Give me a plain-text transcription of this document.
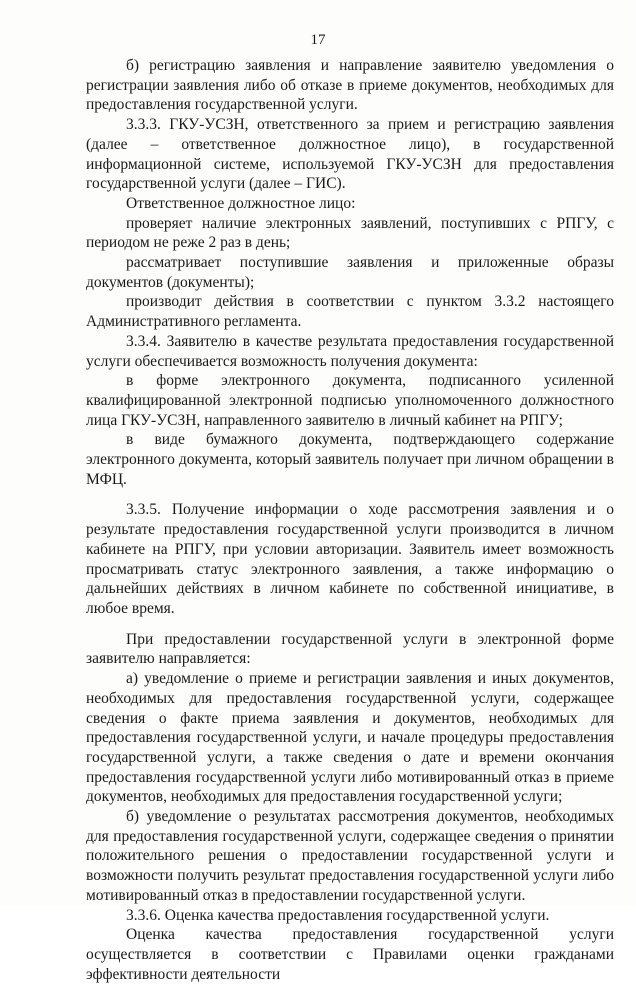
17

б) регистрацию заявления и направление заявителю уведомления о регистрации заявления либо об отказе в приеме документов, необходимых для предоставления государственной услуги.

3.3.3. ГКУ-УСЗН, ответственного за прием и регистрацию заявления (далее – ответственное должностное лицо), в государственной информационной системе, используемой ГКУ-УСЗН для предоставления государственной услуги (далее – ГИС).

Ответственное должностное лицо:

проверяет наличие электронных заявлений, поступивших с РПГУ, с периодом не реже 2 раз в день;

рассматривает поступившие заявления и приложенные образы документов (документы);

производит действия в соответствии с пунктом 3.3.2 настоящего Административного регламента.

3.3.4. Заявителю в качестве результата предоставления государственной услуги обеспечивается возможность получения документа:

в форме электронного документа, подписанного усиленной квалифицированной электронной подписью уполномоченного должностного лица ГКУ-УСЗН, направленного заявителю в личный кабинет на РПГУ;

в виде бумажного документа, подтверждающего содержание электронного документа, который заявитель получает при личном обращении в МФЦ.

3.3.5. Получение информации о ходе рассмотрения заявления и о результате предоставления государственной услуги производится в личном кабинете на РПГУ, при условии авторизации. Заявитель имеет возможность просматривать статус электронного заявления, а также информацию о дальнейших действиях в личном кабинете по собственной инициативе, в любое время.

При предоставлении государственной услуги в электронной форме заявителю направляется:

а) уведомление о приеме и регистрации заявления и иных документов, необходимых для предоставления государственной услуги, содержащее сведения о факте приема заявления и документов, необходимых для предоставления государственной услуги, и начале процедуры предоставления государственной услуги, а также сведения о дате и времени окончания предоставления государственной услуги либо мотивированный отказ в приеме документов, необходимых для предоставления государственной услуги;

б) уведомление о результатах рассмотрения документов, необходимых для предоставления государственной услуги, содержащее сведения о принятии положительного решения о предоставлении государственной услуги и возможности получить результат предоставления государственной услуги либо мотивированный отказ в предоставлении государственной услуги.

3.3.6. Оценка качества предоставления государственной услуги.

Оценка качества предоставления государственной услуги осуществляется в соответствии с Правилами оценки гражданами эффективности деятельности
